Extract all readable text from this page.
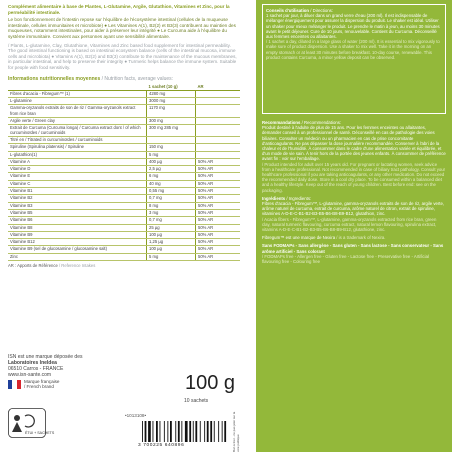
Complément alimentaire à base de Plantes, L-Glutamine, Argile, Glutathion, Vitamines et Zinc, pour la perméabilité intestinale.
Le bon fonctionnement de l'intestin repose sur l'équilibre de l'écosystème intestinal (cellules de la muqueuse intestinale, cellules immunitaires et microbiote) ● Les Vitamines A(1), B2(2) et B3(3) contribuent au maintien des muqueuses, notamment intestinales, pour aider à préserver leur intégrité ● Le Curcuma aide à l'équilibre du système immunitaire. Convient aux personnes ayant une sensibilité alimentaire.
/ Plants, L-glutamine, Clay, Glutathione, Vitamines and Zinc based food supplement for intestinal permeability. The good intestinal functioning is based on intestinal ecosystem balance (cells of the intestinal mucosa, immune cells and microbiota) ● Vitamins A(1), B2(2) and B3(3) contribute to the maintenance of the mucous membranes, in particular intestinal, and help to preserve their integrity ● Turmeric helps balance the immune system. Suitable for people with food sensitivity.
Informations nutritionnelles moyennes / Nutrition facts, average values:
	1 sachet (10 g)	AR
Fibres d'acacia - Fibregum™ (1)	4280 mg	
L-glutamine	3000 mg	
Gamma-oryzanols extraits de son de riz / Gamma-oryzanols extract from rice bran	1170 mg	
Argile verte / Green clay	300 mg	
Extrait de Curcuma (Curcuma longa) / Curcuma extract dont / of which curcuminoïdes / curcuminoids	300 mg 285 mg	
Titré en / Titrated in curcuminoïdes / curcuminoids		
Spiruline (Spirulina platensis) / Spiruline	150 mg	
L-glutathion(1)	5 mg	
Vitamine A	400 µg	50% AR
Vitamine D	2,5 µg	50% AR
Vitamine E	6 mg	50% AR
Vitamine C	40 mg	50% AR
Vitamine B1	0,55 mg	50% AR
Vitamine B2	0,7 mg	50% AR
Vitamine B3	8 mg	50% AR
Vitamine B5	3 mg	50% AR
Vitamine B6	0,7 mg	50% AR
Vitamine B8	25 µg	50% AR
Vitamine B9	100 µg	50% AR
Vitamine B12	1,25 µg	50% AR
Vitamine B9 (sel de glucosamine / glucosamine salt)	100 µg	50% AR
Zinc	5 mg	50% AR
AR : Apports de Référence / Reference Intakes
ISN est une marque déposée des
Laboratoires Ineldea
06510 Carros - FRANCE
www.isn-sante.com
Marque française
/ French brand
ÉTUI + SACHETS
100 g
10 sachets
•1013108•
3 700225 640896	Bon à tirer - ne pas jeter sur la voie publique
Conseils d'utilisation / Directions:
1 sachet par jour, à diluer dans un grand verre d'eau (200 ml). Il est indispensable de mélanger énergiquement pour assurer la dispersion du produit. Le shaker est idéal. Utiliser un shaker pour mieux mélanger le produit. Le prendre le matin à jeun, au moins 30 minutes avant le petit déjeuner. Cure de 10 jours, renouvelable. Contient du Curcuma. Déconseillé aux femmes enceintes ou allaitantes.
/ 1 sachet a day, diluted in a large glass of water (200 ml). It is essential to mix vigorously to make sure of product dispersion. Use a shaker to mix well. Take it in the morning on an empty stomach or at least 30 minutes before breakfast. 10-day course, renewable. This product contains Curcuma, a minor yellow deposit can be observed.
Recommandations / Recommendations:
Produit destiné à l'adulte de plus de 15 ans. Pour les femmes enceintes ou allaitantes, demander conseil à un professionnel de santé. Déconseillé en cas de pathologie des voies biliaires. Consulter un médecin ou un pharmacien en cas de prise concomitante d'anticoagulants. Ne pas dépasser la dose journalière recommandée. Conserver à l'abri de la chaleur et de l'humidité. À consommer dans le cadre d'une alimentation variée et équilibrée, et d'un mode de vie sain. À tenir hors de la portée des jeunes enfants. À consommer de préférence avant fin : voir sur l'emballage.
/ Product intended for adult over 15 years old. For pregnant or lactating women, seek advice from a healthcare professional. Not recommended in case of biliary tract pathology. Consult your healthcare professional if you are taking anticoagulants, or any other medication. Do not exceed the recommended daily dose. Store in a cool dry place. To be consumed within a balanced diet and a healthy lifestyle. Keep out of the reach of young children. Best before end: see on the packaging.
Ingrédients / Ingredients:
Fibres d'acacia - Fibregum™, L-glutamine, gamma-oryzanols extraits de son de riz, argile verte, arôme naturel de curcuma, extrait de curcuma, arôme naturel de citron, extrait de spiruline, vitamines A-D-E-C-B1-B2-B3-B5-B6-B8-B9-B12, glutathion, zinc.
/ Acacia fibers - Fibregum™, L-glutamine, gamma-oryzanols extracted from rice bran, green clay, natural turmeric flavouring, curcuma extract, natural lemon flavouring, spirulina extract, vitamins A-D-E-C-B1-B2-B3-B5-B6-B8-B9-B12, glutathione, zinc.
Fibregum™ est une marque de Nexira / is a trademark of Nexira.
Sans FODMAPs - Sans allergène - Sans gluten - Sans lactose - Sans conservateur - Sans arôme artificiel - Sans colorant
/ FODMAPs free - Allergen free - Gluten free - Lactose free - Preservative free - Artificial flavouring free - Colouring free
